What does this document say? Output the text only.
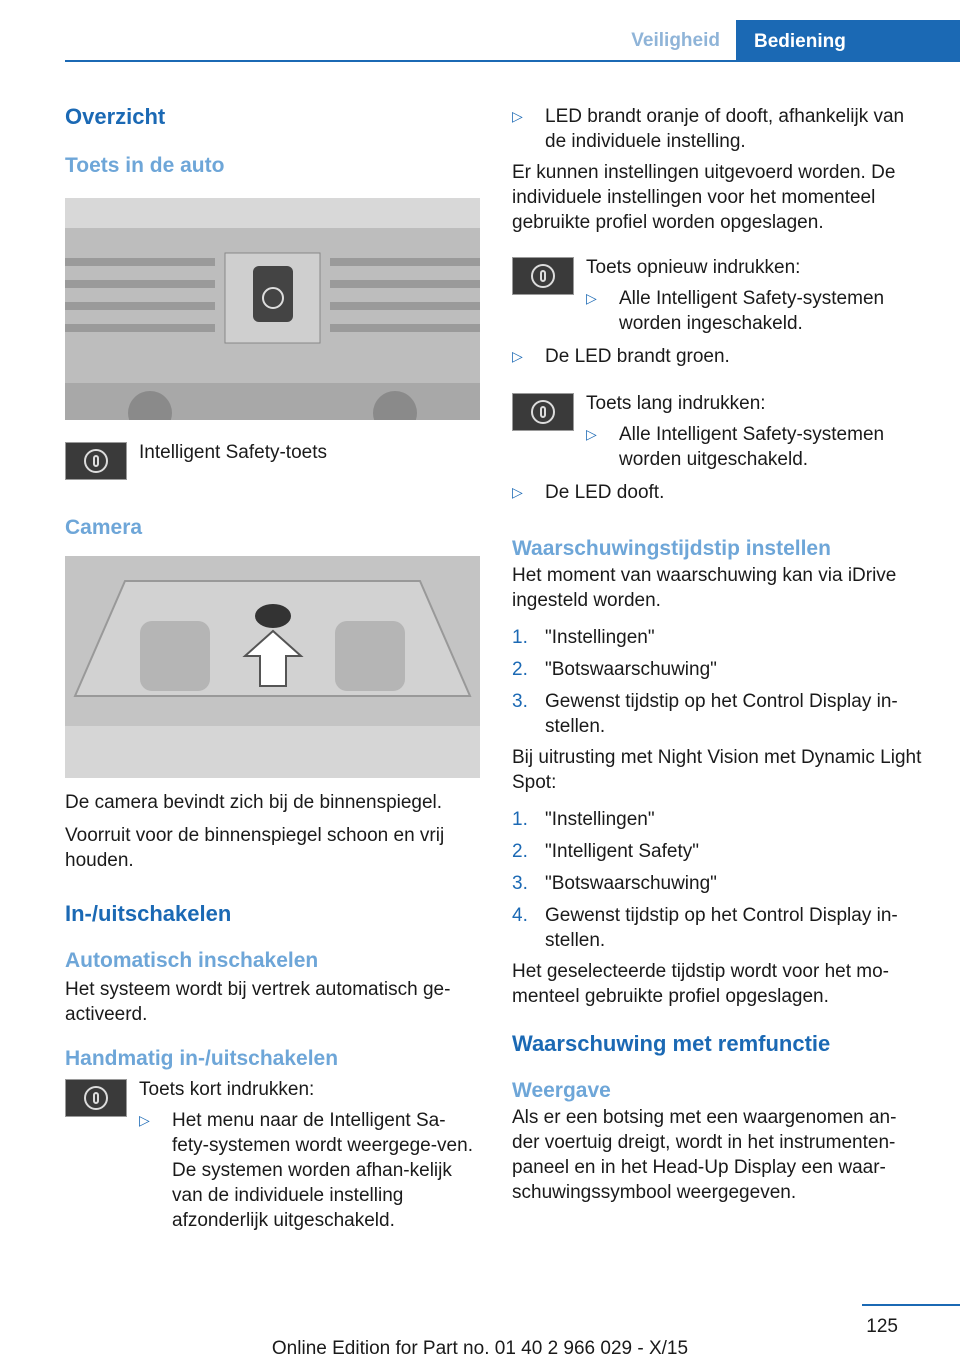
Veiligheid	Bediening

Overzicht

Toets in de auto

Intelligent Safety-toets

Camera

De camera bevindt zich bij de binnenspiegel.

Voorruit voor de binnenspiegel schoon en vrij houden.

In-/uitschakelen

Automatisch inschakelen

Het systeem wordt bij vertrek automatisch ge-activeerd.

Handmatig in-/uitschakelen

Toets kort indrukken:

▷	Het menu naar de Intelligent Sa-fety-systemen wordt weergege-ven. De systemen worden afhan-kelijk van de individuele instelling afzonderlijk uitgeschakeld.

▷	LED brandt oranje of dooft, afhankelijk van de individuele instelling.

Er kunnen instellingen uitgevoerd worden. De individuele instellingen voor het momenteel gebruikte profiel worden opgeslagen.

Toets opnieuw indrukken:

▷	Alle Intelligent Safety-systemen worden ingeschakeld.

▷	De LED brandt groen.

Toets lang indrukken:

▷	Alle Intelligent Safety-systemen worden uitgeschakeld.

▷	De LED dooft.

Waarschuwingstijdstip instellen

Het moment van waarschuwing kan via iDrive ingesteld worden.

1. "Instellingen"

2. "Botswaarschuwing"

3. Gewenst tijdstip op het Control Display in-stellen.

Bij uitrusting met Night Vision met Dynamic Light Spot:

1. "Instellingen"

2. "Intelligent Safety"

3. "Botswaarschuwing"

4. Gewenst tijdstip op het Control Display in-stellen.

Het geselecteerde tijdstip wordt voor het mo-menteel gebruikte profiel opgeslagen.

Waarschuwing met remfunctie

Weergave

Als er een botsing met een waargenomen an-der voertuig dreigt, wordt in het instrumenten-paneel en in het Head-Up Display een waar-schuwingssymbool weergegeven.

125
Online Edition for Part no. 01 40 2 966 029 - X/15
